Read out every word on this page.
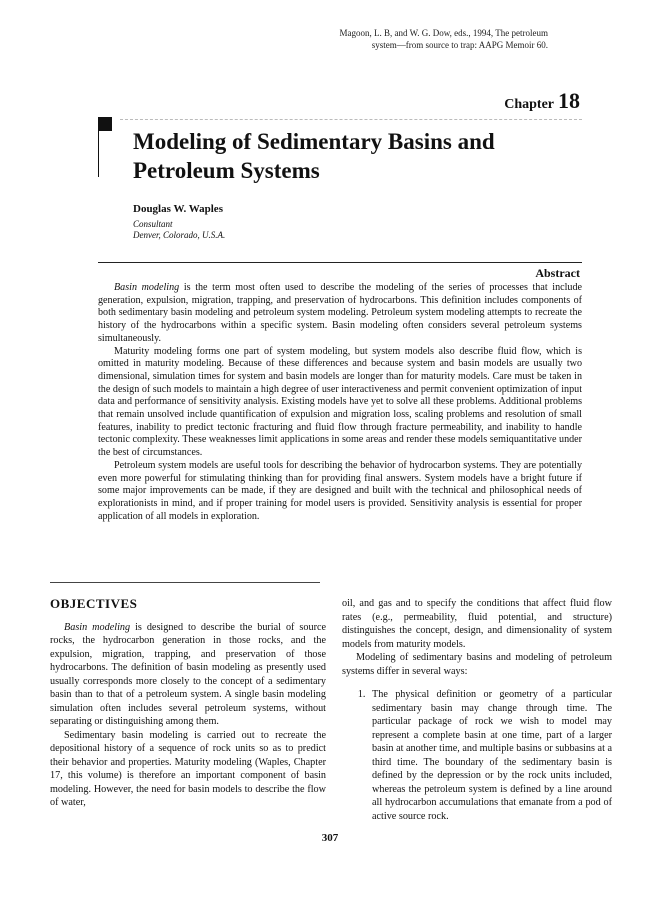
Magoon, L. B, and W. G. Dow, eds., 1994, The petroleum
system—from source to trap: AAPG Memoir 60.
Chapter 18
Modeling of Sedimentary Basins and Petroleum Systems
Douglas W. Waples
Consultant
Denver, Colorado, U.S.A.
Abstract

Basin modeling is the term most often used to describe the modeling of the series of processes that include generation, expulsion, migration, trapping, and preservation of hydrocarbons. This definition includes components of both sedimentary basin modeling and petroleum system modeling. Petroleum system modeling attempts to recreate the history of the hydrocarbons within a specific system. Basin modeling often considers several petroleum systems simultaneously.

Maturity modeling forms one part of system modeling, but system models also describe fluid flow, which is omitted in maturity modeling. Because of these differences and because system and basin models are usually two dimensional, simulation times for system and basin models are longer than for maturity models. Care must be taken in the design of such models to maintain a high degree of user interactiveness and permit convenient optimization of input data and performance of sensitivity analysis. Existing models have yet to solve all these problems. Additional problems that remain unsolved include quantification of expulsion and migration loss, scaling problems and resolution of small features, inability to predict tectonic fracturing and fluid flow through fracture permeability, and inability to handle tectonic complexity. These weaknesses limit applications in some areas and render these models semiquantitative under the best of circumstances.

Petroleum system models are useful tools for describing the behavior of hydrocarbon systems. They are potentially even more powerful for stimulating thinking than for providing final answers. System models have a bright future if some major improvements can be made, if they are designed and built with the technical and philosophical needs of explorationists in mind, and if proper training for model users is provided. Sensitivity analysis is essential for proper application of all models in exploration.

OBJECTIVES

Basin modeling is designed to describe the burial of source rocks, the hydrocarbon generation in those rocks, and the expulsion, migration, trapping, and preservation of those hydrocarbons. The definition of basin modeling as presently used usually corresponds more closely to the concept of a sedimentary basin than to that of a petroleum system. A single basin modeling simulation often includes several petroleum systems, without separating or distinguishing among them.

Sedimentary basin modeling is carried out to recreate the depositional history of a sequence of rock units so as to predict their behavior and properties. Maturity modeling (Waples, Chapter 17, this volume) is therefore an important component of basin modeling. However, the need for basin models to describe the flow of water,

oil, and gas and to specify the conditions that affect fluid flow rates (e.g., permeability, fluid potential, and structure) distinguishes the concept, design, and dimensionality of system models from maturity models.

Modeling of sedimentary basins and modeling of petroleum systems differ in several ways:

1. The physical definition or geometry of a particular sedimentary basin may change through time. The particular package of rock we wish to model may represent a complete basin at one time, part of a larger basin at another time, and multiple basins or subbasins at a third time. The boundary of the sedimentary basin is defined by the depression or by the rock units included, whereas the petroleum system is defined by a line around all hydrocarbon accumulations that emanate from a pod of active source rock.
307
